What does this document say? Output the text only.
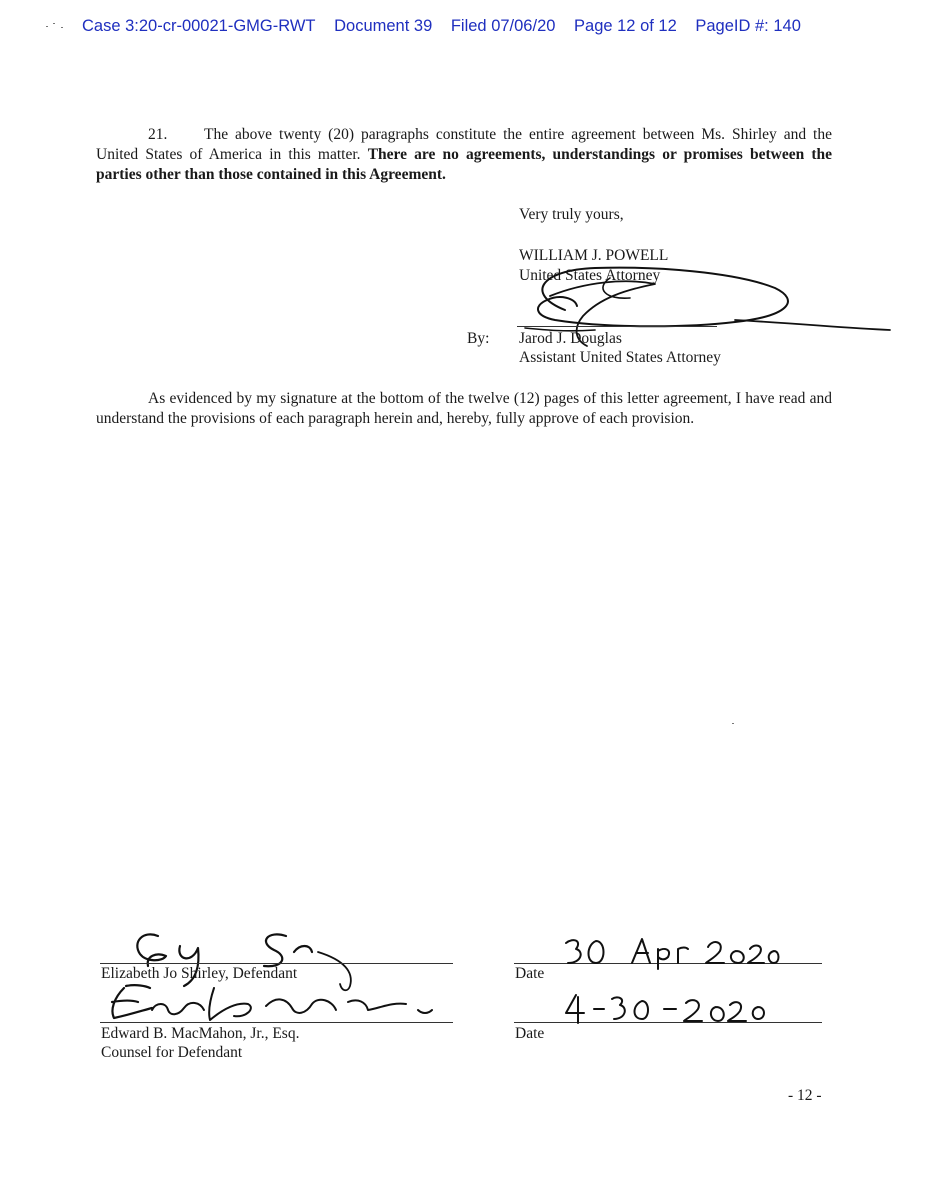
Case 3:20-cr-00021-GMG-RWT Document 39 Filed 07/06/20 Page 12 of 12 PageID #: 140
21. The above twenty (20) paragraphs constitute the entire agreement between Ms. Shirley and the United States of America in this matter. There are no agreements, understandings or promises between the parties other than those contained in this Agreement.
Very truly yours,
WILLIAM J. POWELL
United States Attorney
By: Jarod J. Douglas
Assistant United States Attorney
As evidenced by my signature at the bottom of the twelve (12) pages of this letter agreement, I have read and understand the provisions of each paragraph herein and, hereby, fully approve of each provision.
Elizabeth Jo Shirley, Defendant
Edward B. MacMahon, Jr., Esq.
Counsel for Defendant
Date
Date
- 12 -
